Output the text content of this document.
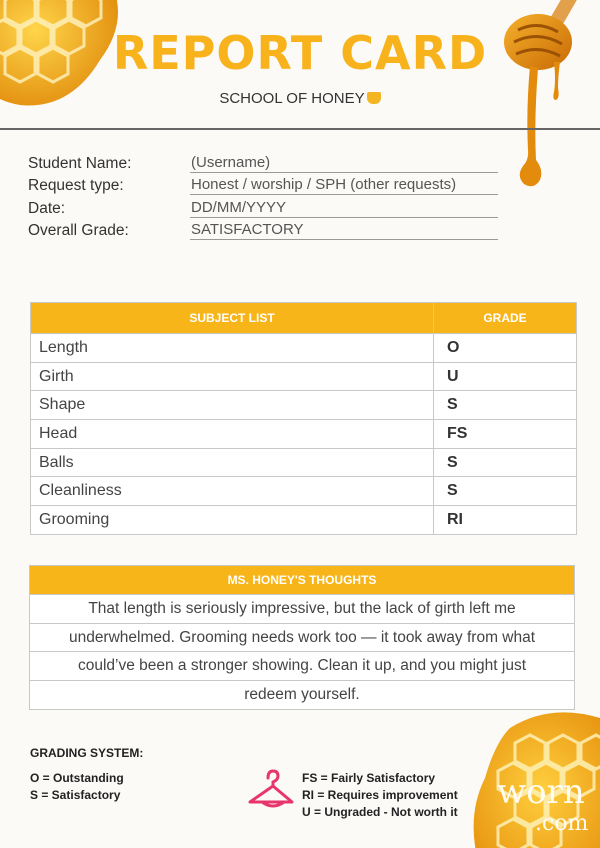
REPORT CARD
SCHOOL OF HONEY
Student Name:	(Username)
Request type:	Honest / worship / SPH (other requests)
Date:	DD/MM/YYYY
Overall Grade:	SATISFACTORY
SUBJECT LIST	GRADE
Length	O
Girth	U
Shape	S
Head	FS
Balls	S
Cleanliness	S
Grooming	RI
MS. HONEY'S THOUGHTS
That length is seriously impressive, but the lack of girth left me
underwhelmed. Grooming needs work too — it took away from what
could’ve been a stronger showing. Clean it up, and you might just
redeem yourself.
GRADING SYSTEM:
O = Outstanding
S = Satisfactory
FS = Fairly Satisfactory
RI = Requires improvement
U = Ungraded - Not worth it worn
.com
